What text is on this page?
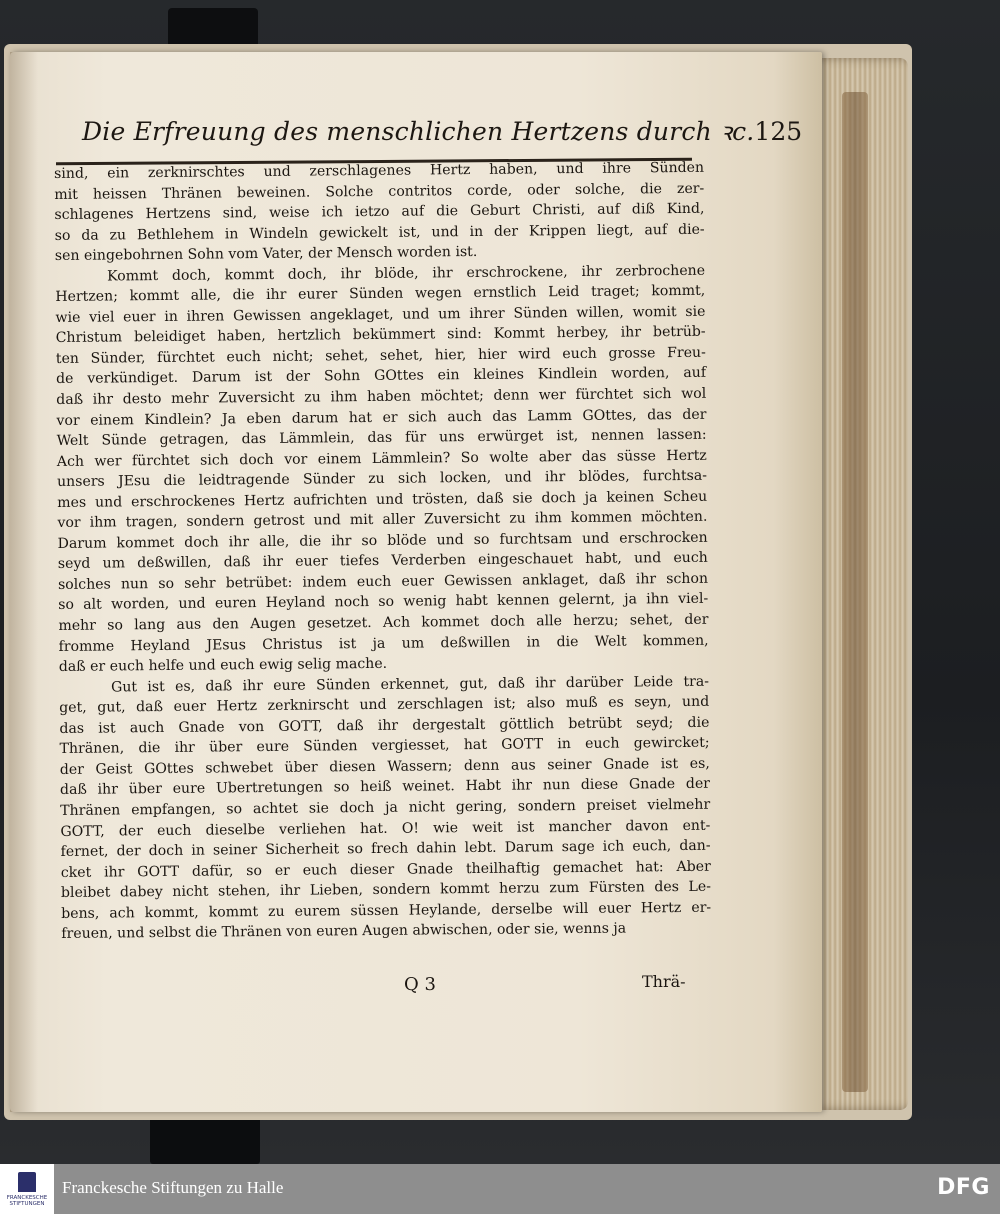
Die Erfreuung des menschlichen Hertzens durch ꝛc. 125
sind, ein zerknirschtes und zerschlagenes Hertz haben, und ihre Sünden
mit heissen Thränen beweinen. Solche contritos corde, oder solche, die zer-
schlagenes Hertzens sind, weise ich ietzo auf die Geburt Christi, auf diß Kind,
so da zu Bethlehem in Windeln gewickelt ist, und in der Krippen liegt, auf die-
sen eingebohrnen Sohn vom Vater, der Mensch worden ist.
Kommt doch, kommt doch, ihr blöde, ihr erschrockene, ihr zerbrochene
Hertzen; kommt alle, die ihr eurer Sünden wegen ernstlich Leid traget; kommt,
wie viel euer in ihren Gewissen angeklaget, und um ihrer Sünden willen, womit sie
Christum beleidiget haben, hertzlich bekümmert sind: Kommt herbey, ihr betrüb-
ten Sünder, fürchtet euch nicht; sehet, sehet, hier, hier wird euch grosse Freu-
de verkündiget. Darum ist der Sohn GOttes ein kleines Kindlein worden, auf
daß ihr desto mehr Zuversicht zu ihm haben möchtet; denn wer fürchtet sich wol
vor einem Kindlein? Ja eben darum hat er sich auch das Lamm GOttes, das der
Welt Sünde getragen, das Lämmlein, das für uns erwürget ist, nennen lassen:
Ach wer fürchtet sich doch vor einem Lämmlein? So wolte aber das süsse Hertz
unsers JEsu die leidtragende Sünder zu sich locken, und ihr blödes, furchtsa-
mes und erschrockenes Hertz aufrichten und trösten, daß sie doch ja keinen Scheu
vor ihm tragen, sondern getrost und mit aller Zuversicht zu ihm kommen möchten.
Darum kommet doch ihr alle, die ihr so blöde und so furchtsam und erschrocken
seyd um deßwillen, daß ihr euer tiefes Verderben eingeschauet habt, und euch
solches nun so sehr betrübet: indem euch euer Gewissen anklaget, daß ihr schon
so alt worden, und euren Heyland noch so wenig habt kennen gelernt, ja ihn viel-
mehr so lang aus den Augen gesetzet. Ach kommet doch alle herzu; sehet, der
fromme Heyland JEsus Christus ist ja um deßwillen in die Welt kommen,
daß er euch helfe und euch ewig selig mache.
Gut ist es, daß ihr eure Sünden erkennet, gut, daß ihr darüber Leide tra-
get, gut, daß euer Hertz zerknirscht und zerschlagen ist; also muß es seyn, und
das ist auch Gnade von GOTT, daß ihr dergestalt göttlich betrübt seyd; die
Thränen, die ihr über eure Sünden vergiesset, hat GOTT in euch gewircket;
der Geist GOttes schwebet über diesen Wassern; denn aus seiner Gnade ist es,
daß ihr über eure Ubertretungen so heiß weinet. Habt ihr nun diese Gnade der
Thränen empfangen, so achtet sie doch ja nicht gering, sondern preiset vielmehr
GOTT, der euch dieselbe verliehen hat. O! wie weit ist mancher davon ent-
fernet, der doch in seiner Sicherheit so frech dahin lebt. Darum sage ich euch, dan-
cket ihr GOTT dafür, so er euch dieser Gnade theilhaftig gemachet hat: Aber
bleibet dabey nicht stehen, ihr Lieben, sondern kommt herzu zum Fürsten des Le-
bens, ach kommt, kommt zu eurem süssen Heylande, derselbe will euer Hertz er-
freuen, und selbst die Thränen von euren Augen abwischen, oder sie, wenns ja
Q 3	Thrä-
FRANCKESCHE
STIFTUNGEN
Franckesche Stiftungen zu Halle	DFG
